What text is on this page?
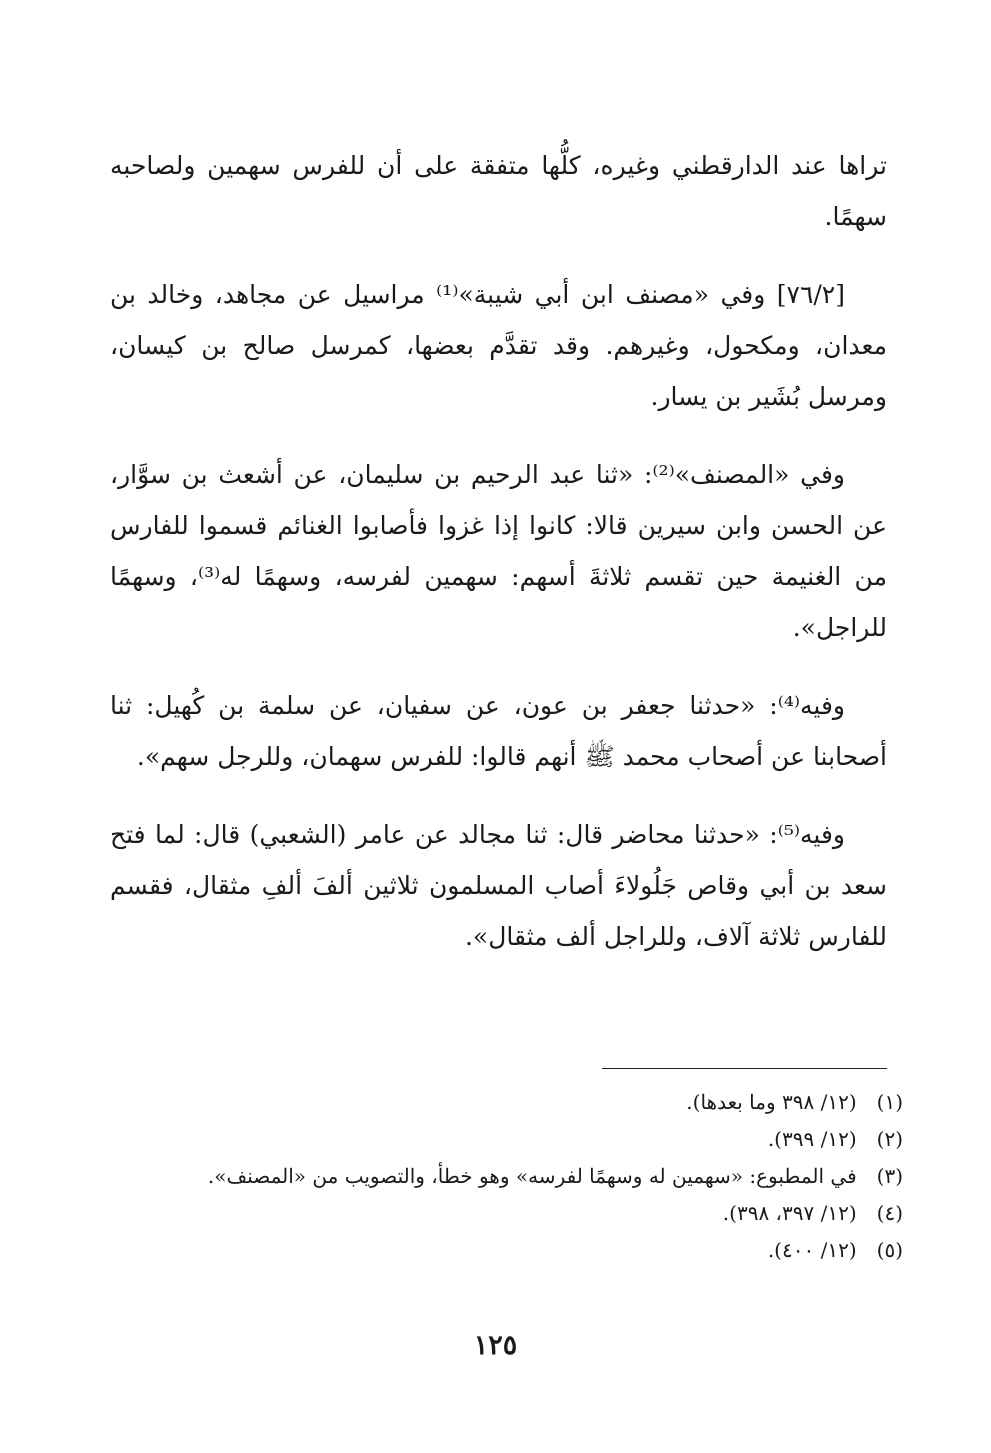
تراها عند الدارقطني وغيره، كلُّها متفقة على أن للفرس سهمين ولصاحبه سهمًا.

[٧٦/٢] وفي «مصنف ابن أبي شيبة»⁽¹⁾ مراسيل عن مجاهد، وخالد بن معدان، ومكحول، وغيرهم. وقد تقدَّم بعضها، كمرسل صالح بن كيسان، ومرسل بُشَير بن يسار.

وفي «المصنف»⁽²⁾: «ثنا عبد الرحيم بن سليمان، عن أشعث بن سوَّار، عن الحسن وابن سيرين قالا: كانوا إذا غزوا فأصابوا الغنائم قسموا للفارس من الغنيمة حين تقسم ثلاثةَ أسهم: سهمين لفرسه، وسهمًا له⁽³⁾، وسهمًا للراجل».

وفيه⁽⁴⁾: «حدثنا جعفر بن عون، عن سفيان، عن سلمة بن كُهيل: ثنا أصحابنا عن أصحاب محمد ﷺ أنهم قالوا: للفرس سهمان، وللرجل سهم».

وفيه⁽⁵⁾: «حدثنا محاضر قال: ثنا مجالد عن عامر (الشعبي) قال: لما فتح سعد بن أبي وقاص جَلُولاءَ أصاب المسلمون ثلاثين ألفَ ألفِ مثقال، فقسم للفارس ثلاثة آلاف، وللراجل ألف مثقال».

(١) (١٢/ ٣٩٨ وما بعدها).
(٢) (١٢/ ٣٩٩).
(٣) في المطبوع: «سهمين له وسهمًا لفرسه» وهو خطأ، والتصويب من «المصنف».
(٤) (١٢/ ٣٩٧، ٣٩٨).
(٥) (١٢/ ٤٠٠).
١٢٥
